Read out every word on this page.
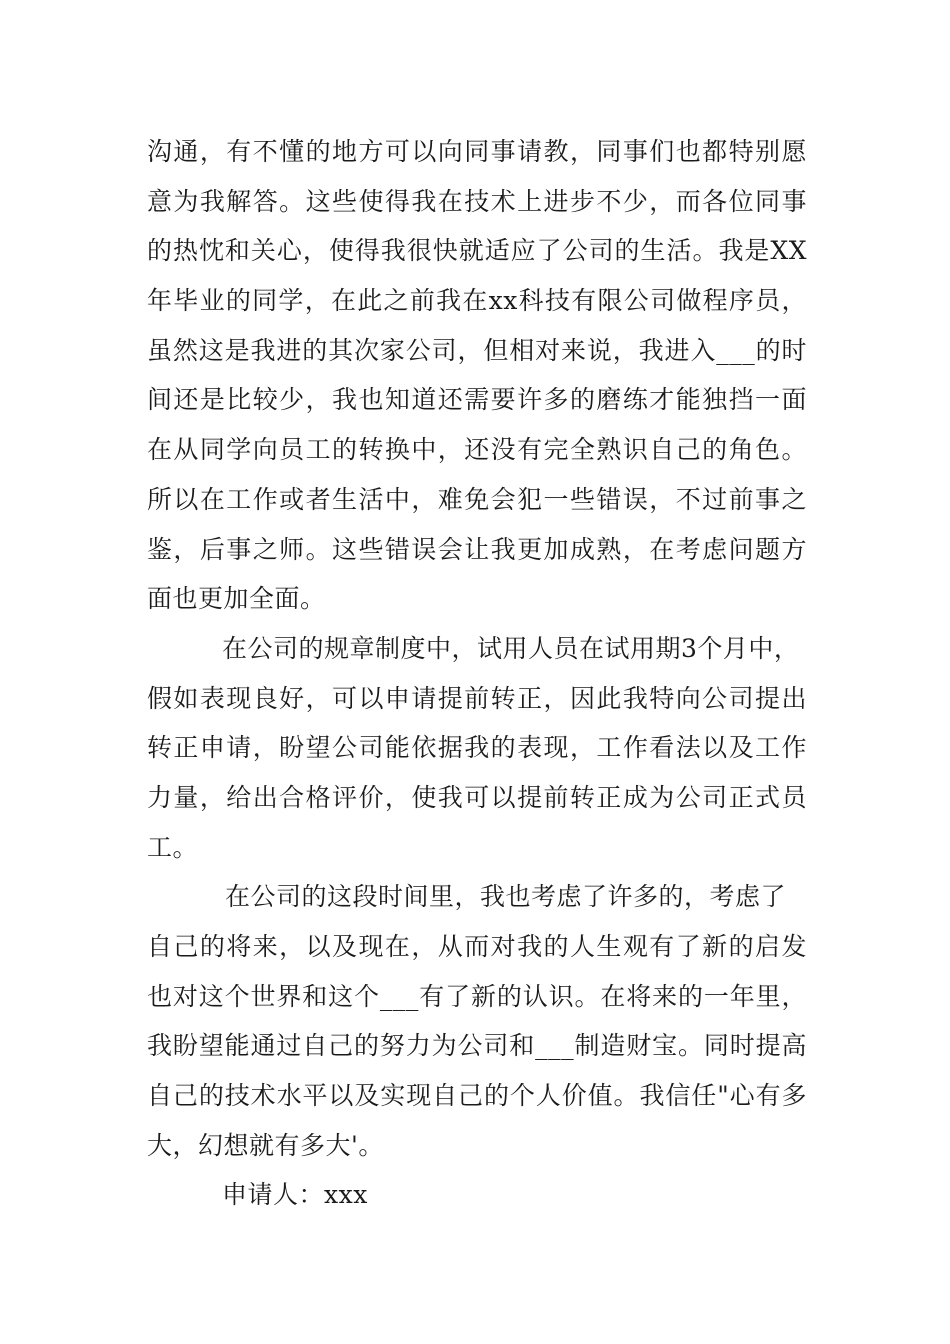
沟通，有不懂的地方可以向同事请教，同事们也都特别愿
意为我解答。这些使得我在技术上进步不少，而各位同事
的热忱和关心，使得我很快就适应了公司的生活。我是XX
年毕业的同学，在此之前我在xx科技有限公司做程序员，
虽然这是我进的其次家公司，但相对来说，我进入___的时
间还是比较少，我也知道还需要许多的磨练才能独挡一面
在从同学向员工的转换中，还没有完全熟识自己的角色。
所以在工作或者生活中，难免会犯一些错误，不过前事之
鉴，后事之师。这些错误会让我更加成熟，在考虑问题方
面也更加全面。
在公司的规章制度中，试用人员在试用期3个月中，
假如表现良好，可以申请提前转正，因此我特向公司提出
转正申请，盼望公司能依据我的表现，工作看法以及工作
力量，给出合格评价，使我可以提前转正成为公司正式员
工。
在公司的这段时间里，我也考虑了许多的，考虑了
自己的将来，以及现在，从而对我的人生观有了新的启发
也对这个世界和这个___有了新的认识。在将来的一年里，
我盼望能通过自己的努力为公司和___制造财宝。同时提高
自己的技术水平以及实现自己的个人价值。我信任"心有多
大，幻想就有多大'。
申请人：xxx
